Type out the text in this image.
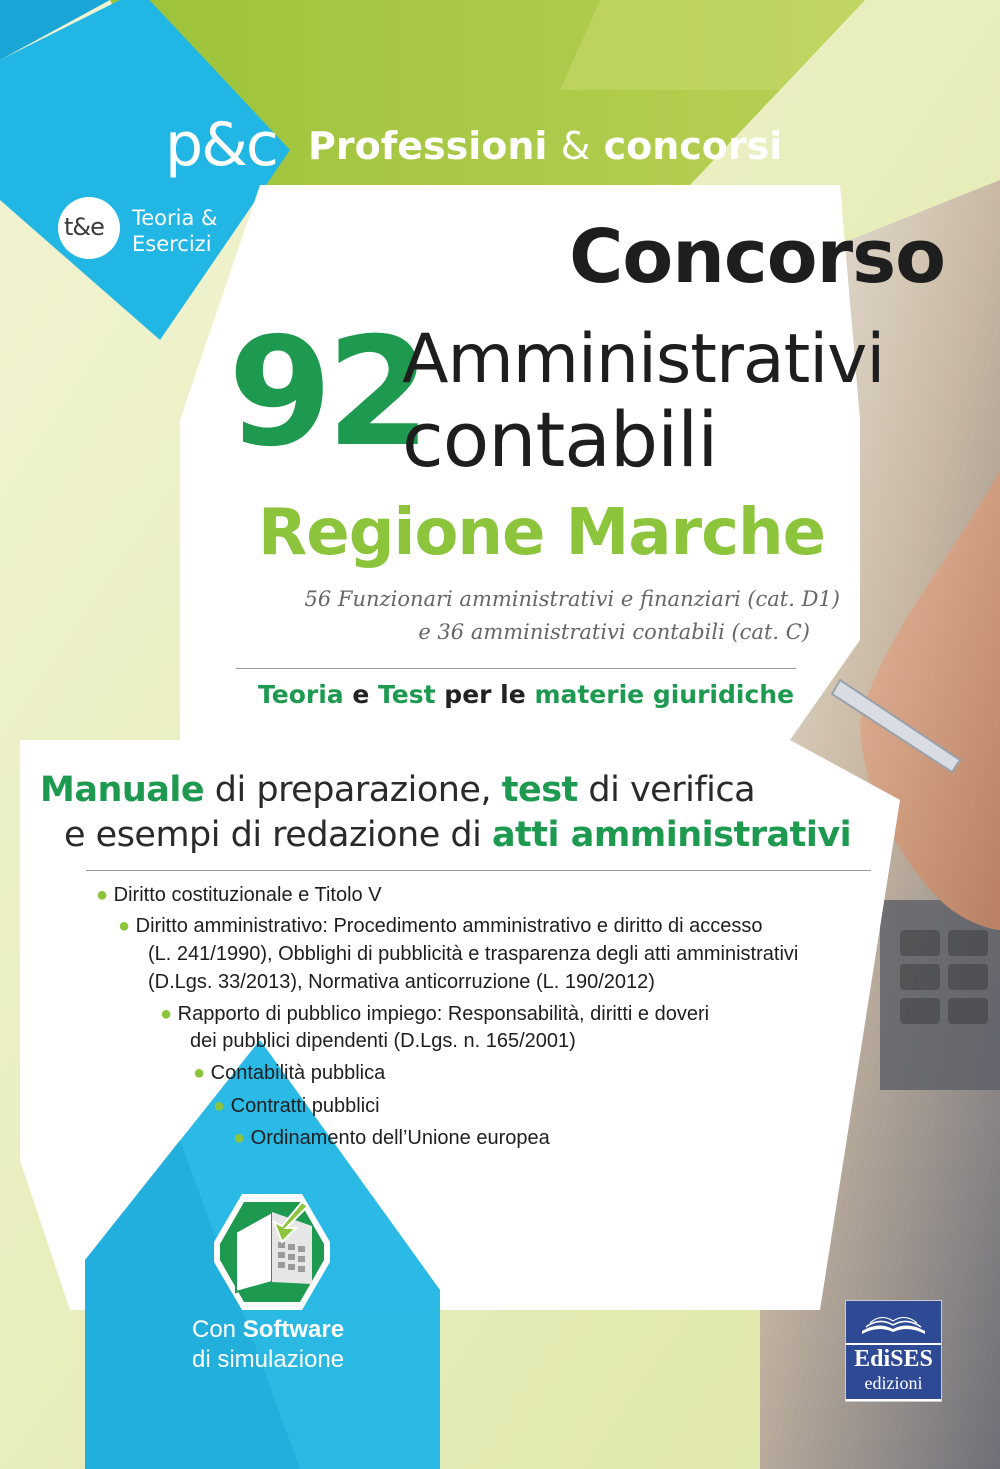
p&c Professioni & concorsi
t&e Teoria &
Esercizi	Concorso
92
Amministrativi
contabili
Regione Marche
56 Funzionari amministrativi e finanziari (cat. D1)
e 36 amministrativi contabili (cat. C)
Teoria e Test per le materie giuridiche
Manuale di preparazione, test di verifica
e esempi di redazione di atti amministrativi
● Diritto costituzionale e Titolo V
● Diritto amministrativo: Procedimento amministrativo e diritto di accesso
(L. 241/1990), Obblighi di pubblicità e trasparenza degli atti amministrativi
(D.Lgs. 33/2013), Normativa anticorruzione (L. 190/2012)
● Rapporto di pubblico impiego: Responsabilità, diritti e doveri
dei pubblici dipendenti (D.Lgs. n. 165/2001)
● Contabilità pubblica
● Contratti pubblici
● Ordinamento dell’Unione europea
Con Software
di simulazione	EdiSES
edizioni
